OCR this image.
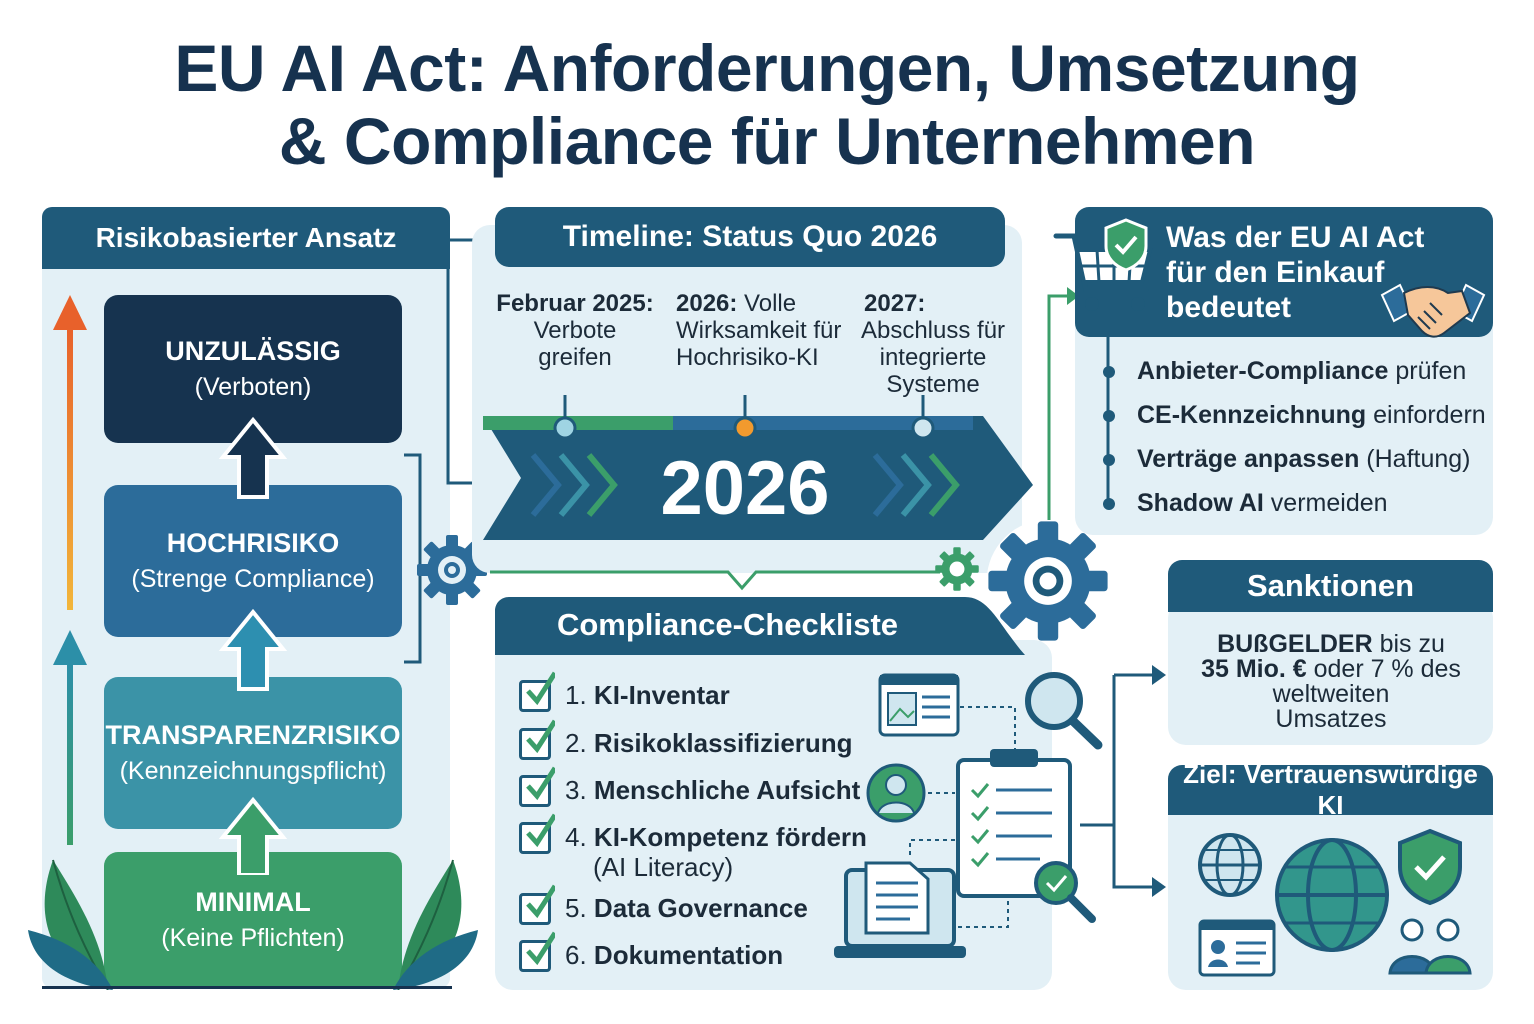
EU AI Act: Anforderungen, Umsetzung
& Compliance für Unternehmen
Risikobasierter Ansatz
UNZULÄSSIG
(Verboten)
HOCHRISIKO
(Strenge Compliance)
TRANSPARENZRISIKO
(Kennzeichnungspflicht)
MINIMAL
(Keine Pflichten)
Timeline: Status Quo 2026
Februar 2025:
Verbote
greifen
2026: Volle
Wirksamkeit für
Hochrisiko-KI
2027:
Abschluss für
integrierte
Systeme
2026
Was der EU AI Act
für den Einkauf
bedeutet
Anbieter-Compliance prüfen
CE-Kennzeichnung einfordern
Verträge anpassen (Haftung)
Shadow AI vermeiden
Compliance-Checkliste
1. KI-Inventar
2. Risikoklassifizierung
3. Menschliche Aufsicht
4. KI-Kompetenz fördern
(AI Literacy)
5. Data Governance
6. Dokumentation
Sanktionen
BUßGELDER bis zu
35 Mio. € oder 7 % des
weltweiten
Umsatzes
Ziel: Vertrauenswürdige KI
